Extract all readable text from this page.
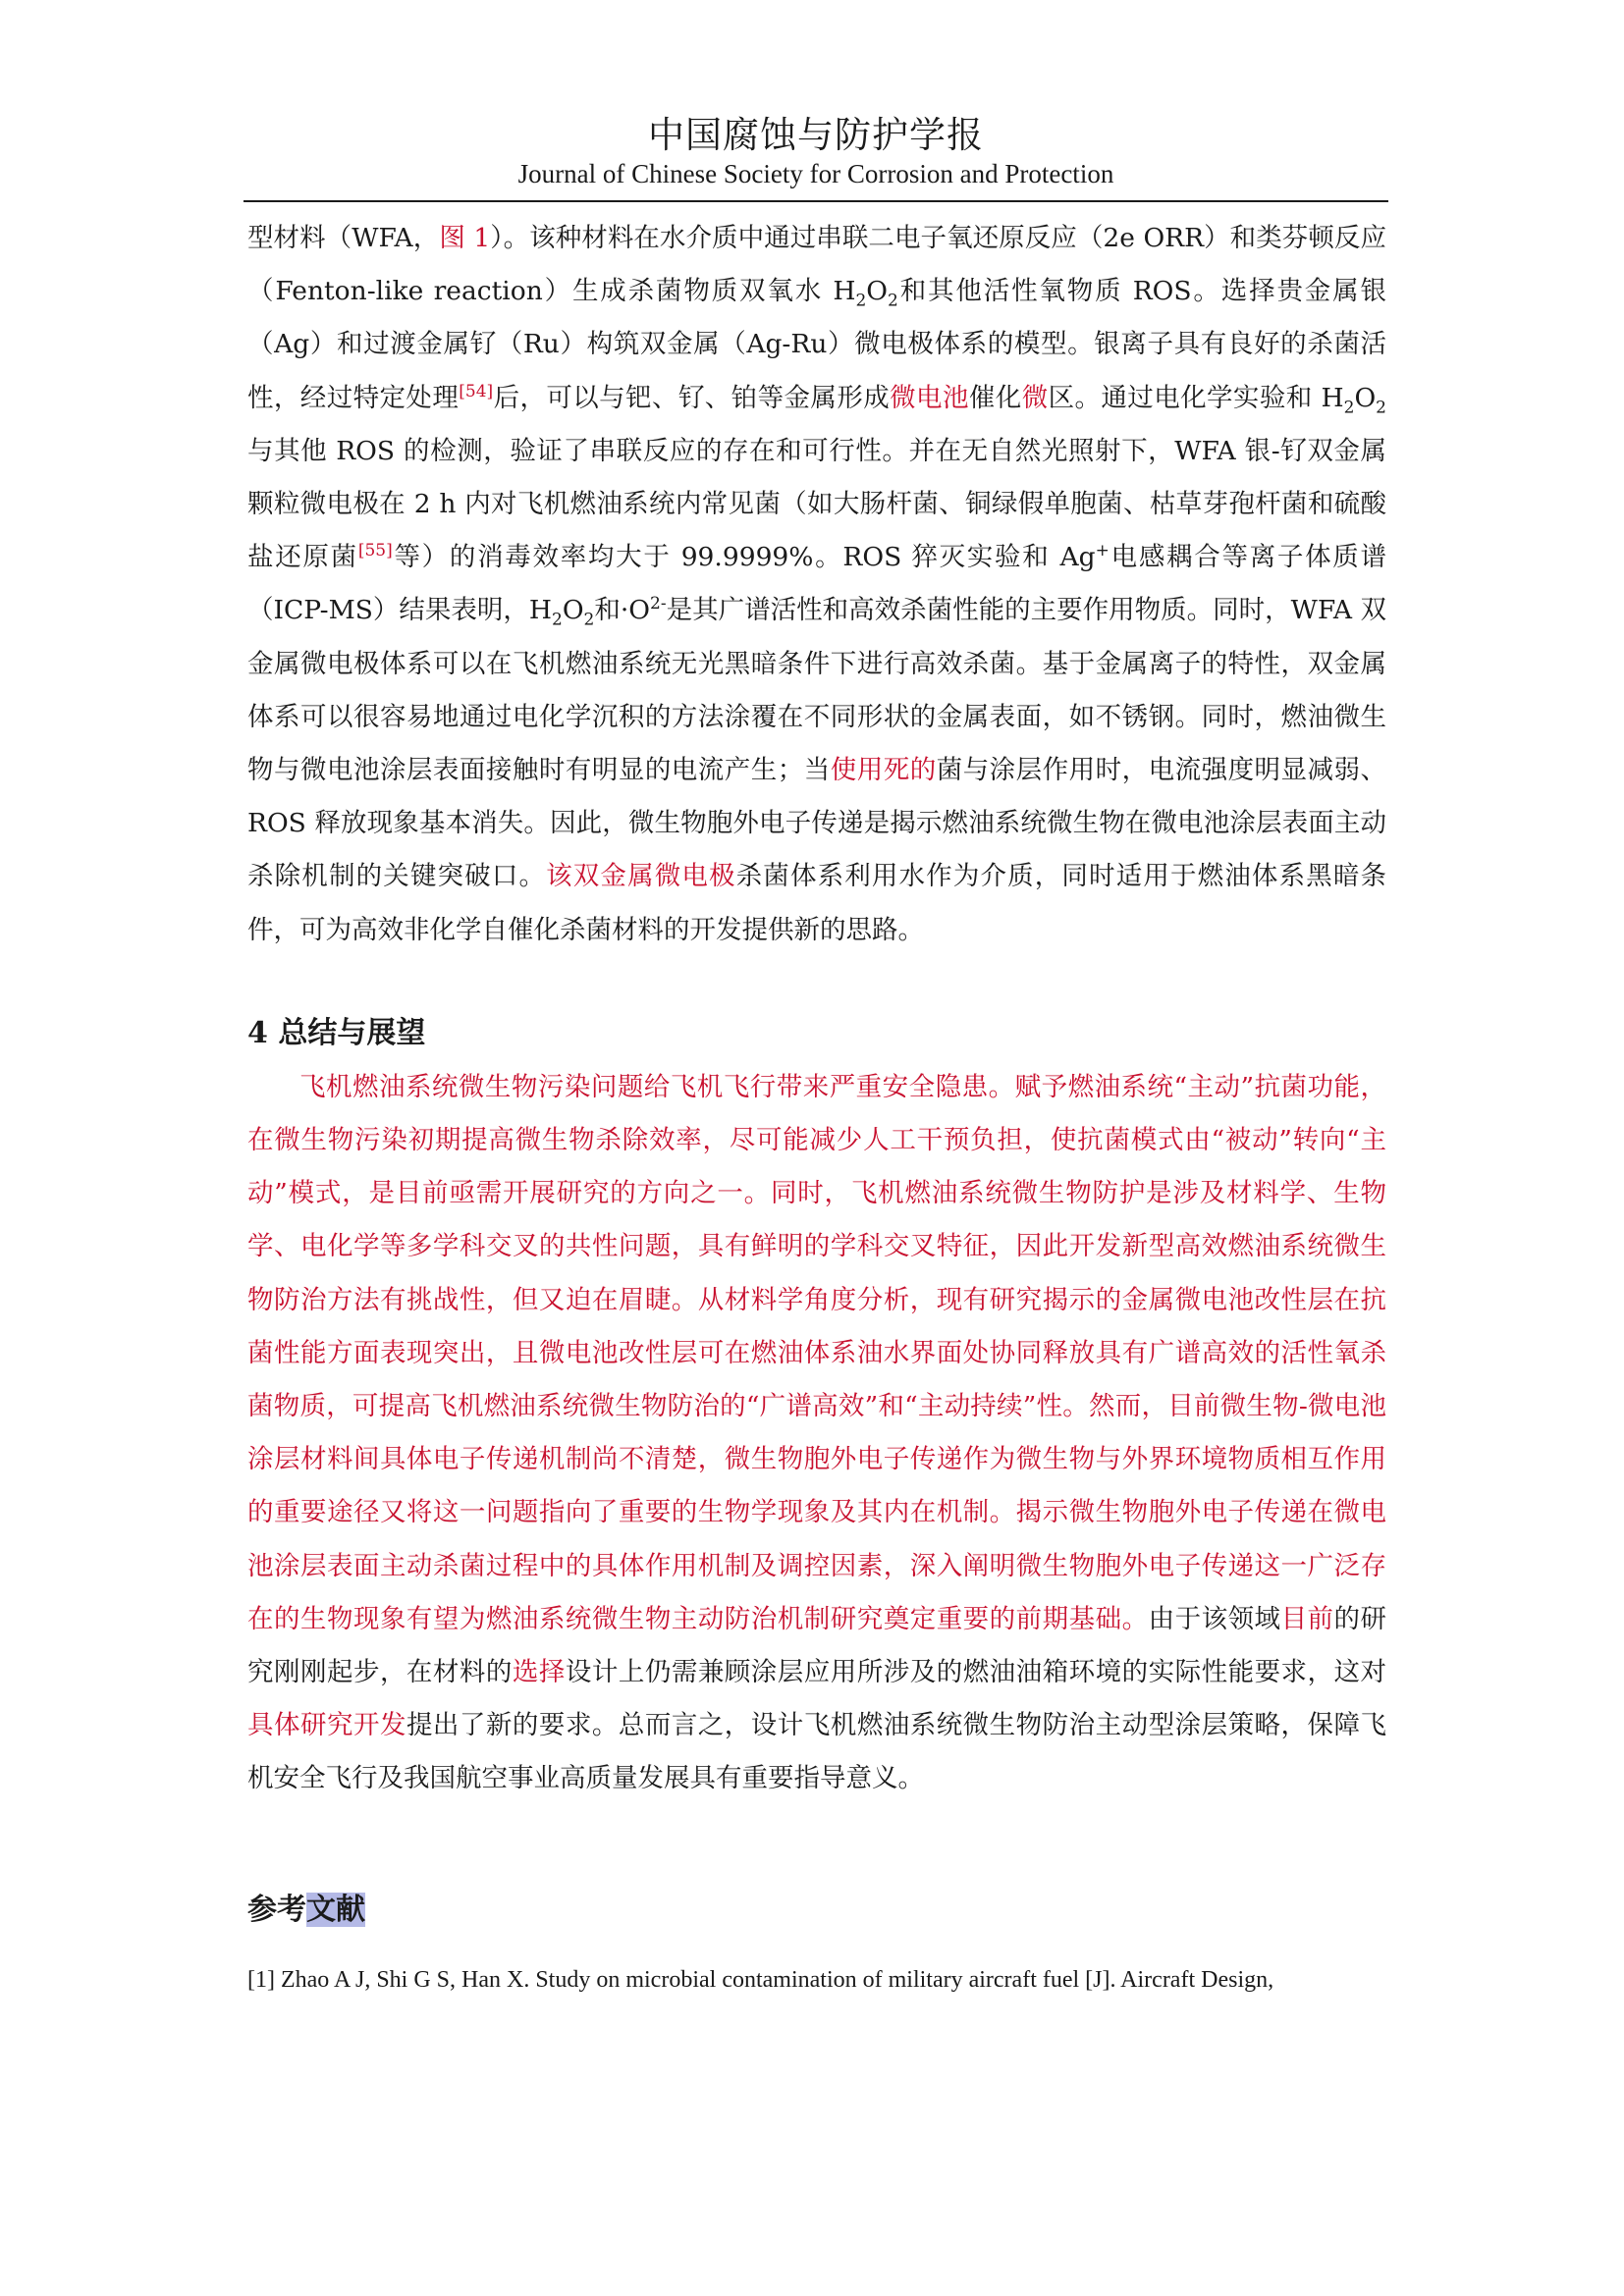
中国腐蚀与防护学报
Journal of Chinese Society for Corrosion and Protection

型材料（WFA，图 1）。该种材料在水介质中通过串联二电子氧还原反应（2e ORR）和类芬顿反应（Fenton-like reaction）生成杀菌物质双氧水 $H_2O_2$和其他活性氧物质 ROS。选择贵金属银（Ag）和过渡金属钌（Ru）构筑双金属（Ag-Ru）微电极体系的模型。银离子具有良好的杀菌活性，经过特定处理[54]后，可以与钯、钌、铂等金属形成微电池催化微区。通过电化学实验和 $H_2O_2$与其他 ROS 的检测，验证了串联反应的存在和可行性。并在无自然光照射下，WFA 银-钌双金属颗粒微电极在 2 h 内对飞机燃油系统内常见菌（如大肠杆菌、铜绿假单胞菌、枯草芽孢杆菌和硫酸盐还原菌[55]等）的消毒效率均大于 99.9999%。ROS 猝灭实验和 Ag+电感耦合等离子体质谱（ICP-MS）结果表明，$H_2O_2$和$\cdot O^{2-}$是其广谱活性和高效杀菌性能的主要作用物质。同时，WFA 双金属微电极体系可以在飞机燃油系统无光黑暗条件下进行高效杀菌。基于金属离子的特性，双金属体系可以很容易地通过电化学沉积的方法涂覆在不同形状的金属表面，如不锈钢。同时，燃油微生物与微电池涂层表面接触时有明显的电流产生；当使用死的菌与涂层作用时，电流强度明显减弱、ROS 释放现象基本消失。因此，微生物胞外电子传递是揭示燃油系统微生物在微电池涂层表面主动杀除机制的关键突破口。该双金属微电极杀菌体系利用水作为介质，同时适用于燃油体系黑暗条件，可为高效非化学自催化杀菌材料的开发提供新的思路。

4 总结与展望

飞机燃油系统微生物污染问题给飞机飞行带来严重安全隐患。赋予燃油系统“主动”抗菌功能，在微生物污染初期提高微生物杀除效率，尽可能减少人工干预负担，使抗菌模式由“被动”转向“主动”模式，是目前亟需开展研究的方向之一。同时，飞机燃油系统微生物防护是涉及材料学、生物学、电化学等多学科交叉的共性问题，具有鲜明的学科交叉特征，因此开发新型高效燃油系统微生物防治方法有挑战性，但又迫在眉睫。从材料学角度分析，现有研究揭示的金属微电池改性层在抗菌性能方面表现突出，且微电池改性层可在燃油体系油水界面处协同释放具有广谱高效的活性氧杀菌物质，可提高飞机燃油系统微生物防治的“广谱高效”和“主动持续”性。然而，目前微生物-微电池涂层材料间具体电子传递机制尚不清楚，微生物胞外电子传递作为微生物与外界环境物质相互作用的重要途径又将这一问题指向了重要的生物学现象及其内在机制。揭示微生物胞外电子传递在微电池涂层表面主动杀菌过程中的具体作用机制及调控因素，深入阐明微生物胞外电子传递这一广泛存在的生物现象有望为燃油系统微生物主动防治机制研究奠定重要的前期基础。由于该领域目前的研究刚刚起步，在材料的选择设计上仍需兼顾涂层应用所涉及的燃油油箱环境的实际性能要求，这对具体研究开发提出了新的要求。总而言之，设计飞机燃油系统微生物防治主动型涂层策略，保障飞机安全飞行及我国航空事业高质量发展具有重要指导意义。

参考文献
[1] Zhao A J, Shi G S, Han X. Study on microbial contamination of military aircraft fuel [J]. Aircraft Design,
